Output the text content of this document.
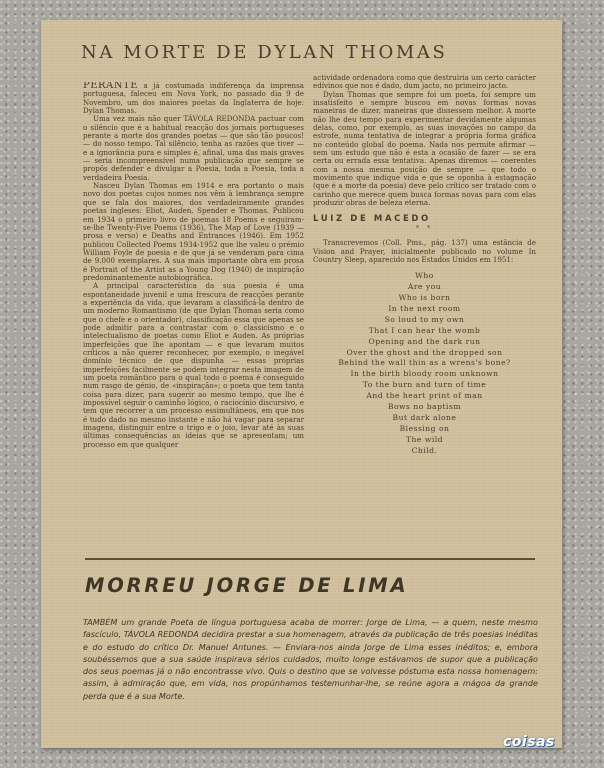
NA MORTE DE DYLAN THOMAS

PERANTE a já costumada indiferença da imprensa portuguesa, faleceu em Nova York, no passado dia 9 de Novembro, um dos maiores poetas da Inglaterra de hoje: Dylan Thomas.

Uma vez mais não quer TÁVOLA REDONDA pactuar com o silêncio que é a habitual reacção dos jornais portugueses perante a morte dos grandes poetas — que são tão poucos! — do nosso tempo. Tal silêncio, tenha as razões que tiver — e a ignorância pura e simples é, afinal, uma das mais graves — seria incompreensível numa publicação que sempre se propôs defender e divulgar a Poesia, toda a Poesia, toda a verdadeira Poesia.

Nasceu Dylan Thomas em 1914 e era portanto o mais novo dos poetas cujos nomes nos vêm à lembrança sempre que se fala dos maiores, dos verdadeiramente grandes poetas ingleses: Eliot, Auden, Spender e Thomas. Publicou em 1934 o primeiro livro de poemas 18 Poems e seguiram-se-lhe Twenty-Five Poems (1936), The Map of Love (1939 — prosa e verso) e Deaths and Entrances (1946). Em 1952 publicou Collected Poems 1934-1952 que lhe valeu o prémio William Foyle de poesia e de que já se venderam para cima de 9.000 exemplares. A sua mais importante obra em prosa é Portrait of the Artist as a Young Dog (1940) de inspiração predominantemente autobiográfica.

A principal característica da sua poesia é uma espontaneidade juvenil e uma frescura de reacções perante a experiência da vida, que levaram a classificá-la dentro de um moderno Romantismo (de que Dylan Thomas seria como que o chefe e o orientador), classificação essa que apenas se pode admitir para a contrastar com o classicismo e o intelectualismo de poetas como Eliot e Auden. As próprias imperfeições que lhe apontam — e que levaram muitos críticos a não querer reconhecer, por exemplo, o inegável domínio técnico de que dispunha — essas próprias imperfeições facilmente se podem integrar nesta imagem de um poeta romântico para o qual todo o poema é conseguido num rasgo de génio, de «inspiração»; o poeta que tem tanta coisa para dizer, para sugerir ao mesmo tempo, que lhe é impossível seguir o caminho lógico, o raciocínio discursivo, e tem que recorrer a um processo essimultâneos, em que nos é tudo dado no mesmo instante e não há vagar para separar imagens, distinguir entre o trigo e o joio, levar até às suas últimas consequências as ideias que se apresentam; um processo em que qualquer

actividade ordenadora como que destruiria um certo carácter edívinos que nos é dado, dum jacto, no primeiro jacto.

Dylan Thomas que sempre foi um poeta, foi sempre um insatisfeito e sempre buscou em novas formas novas maneiras de dizer, maneiras que dissessem melhor. A morte não lhe deu tempo para experimentar devidamente algumas delas, como, por exemplo, as suas inovações no campo da estrofe, numa tentativa de integrar a própria forma gráfica no conteúdo global do poema. Nada nos permite afirmar — sem um estudo que não é esta a ocasião de fazer — se era certa ou errada essa tentativa. Apenas diremos — coerentes com a nossa mesma posição de sempre — que todo o movimento que indique vida e que se oponha à estagnação (que é a morte da poesia) deve pelo crítico ser tratado com o carinho que merece quem busca formas novas para com elas produzir obras de beleza eterna.

LUIZ DE MACEDO
* *

Transcrevemos (Coll. Pms., pág. 137) uma estância de Vision and Prayer, inicialmente publicado no volume In Country Sleep, aparecido nos Estados Unidos em 1951:

Who
Are you
Who is born
In the next room
So loud to my own
That I can hear the womb
Opening and the dark run
Over the ghost and the dropped son
Behind the wall thin as a wrens's bone?
In the birth bloody room unknown
To the burn and turn of time
And the heart print of man
Bows no baptism
But dark alone
Blessing on
The wild
Child.
MORREU JORGE DE LIMA
TAMBÉM um grande Poeta de língua portuguesa acaba de morrer: Jorge de Lima, — a quem, neste mesmo fascículo, TÁVOLA REDONDA decidira prestar a sua homenagem, através da publicação de três poesias inéditas e do estudo do crítico Dr. Manuel Antunes. — Enviara-nos ainda Jorge de Lima esses inéditos; e, embora soubéssemos que a sua saúde inspirava sérios cuidados, muito longe estávamos de supor que a publicação dos seus poemas já o não encontrasse vivo. Quis o destino que se volvesse póstuma esta nossa homenagem: assim, à admiração que, em vida, nos propúnhamos testemunhar-lhe, se reúne agora a mágoa da grande perda que é a sua Morte.
coisas
